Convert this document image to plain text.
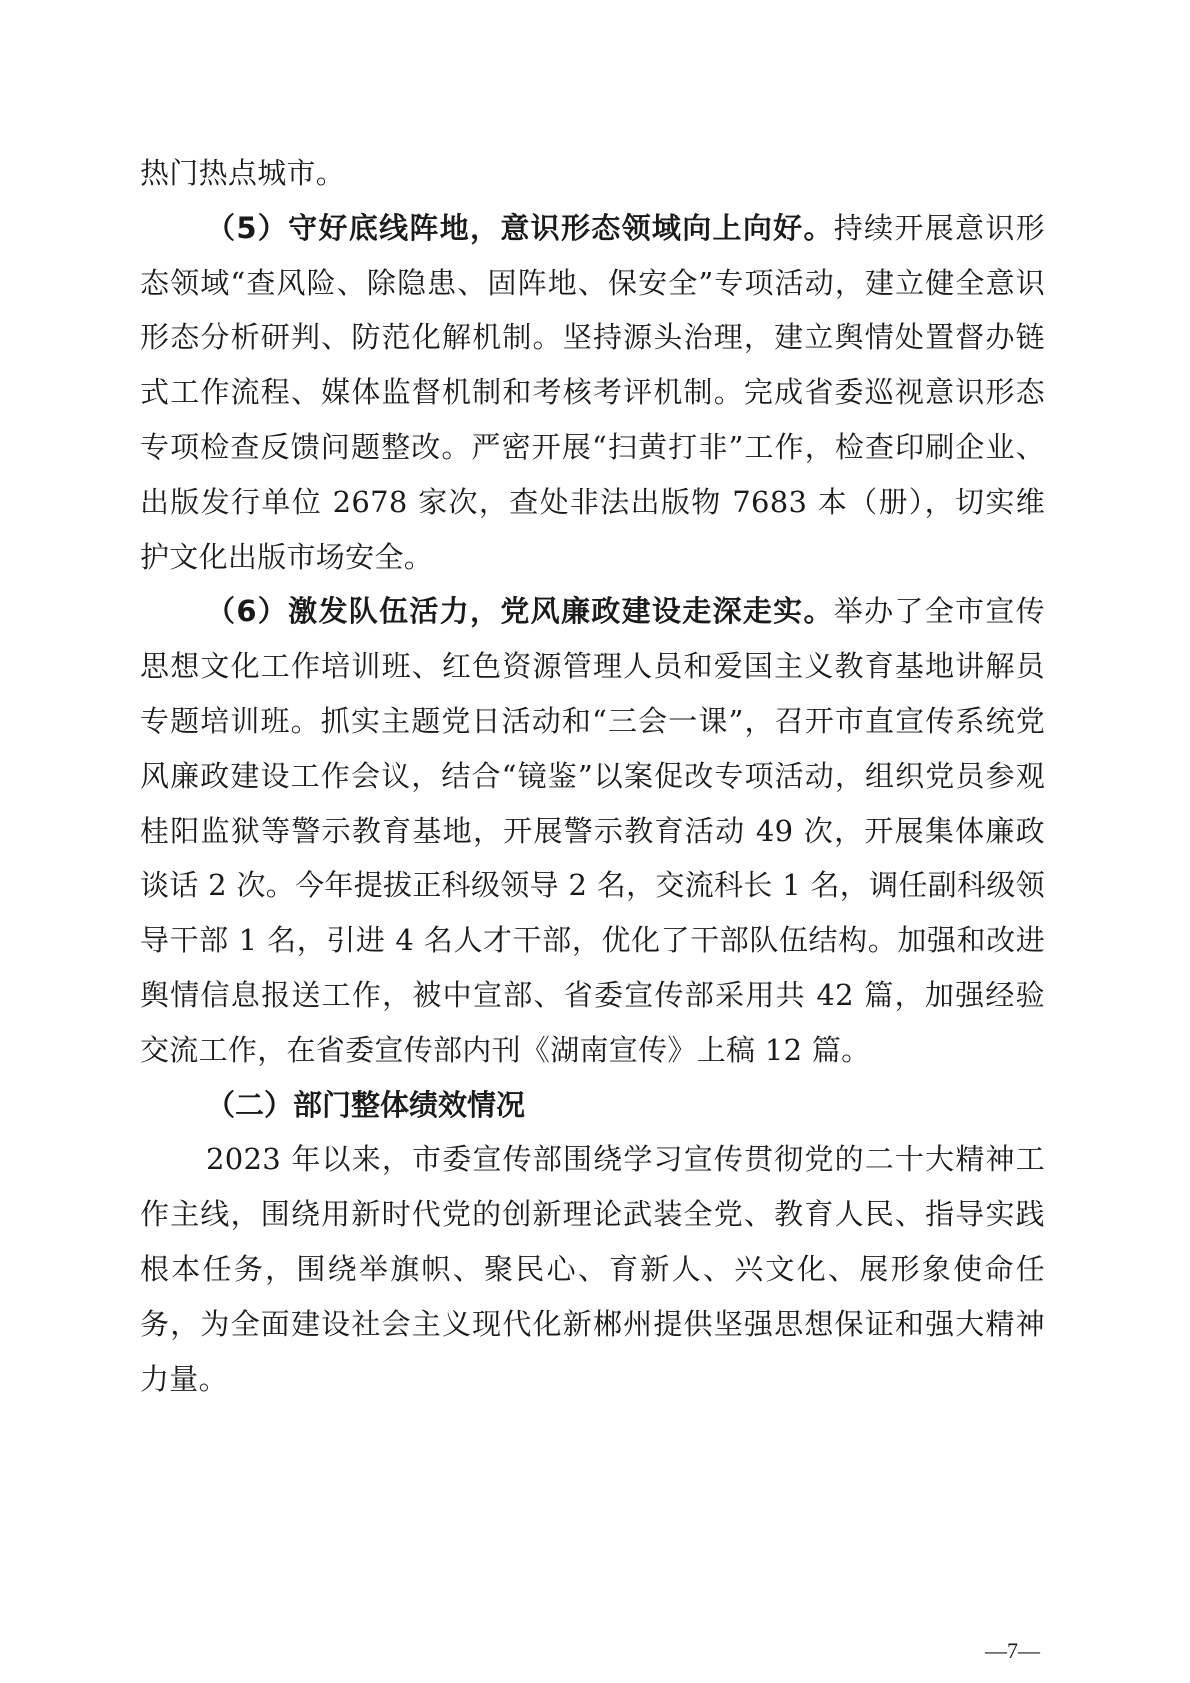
热门热点城市。

（5）守好底线阵地，意识形态领域向上向好。持续开展意识形态领域“查风险、除隐患、固阵地、保安全”专项活动，建立健全意识形态分析研判、防范化解机制。坚持源头治理，建立舆情处置督办链式工作流程、媒体监督机制和考核考评机制。完成省委巡视意识形态专项检查反馈问题整改。严密开展“扫黄打非”工作，检查印刷企业、出版发行单位 2678 家次，查处非法出版物 7683 本（册），切实维护文化出版市场安全。

（6）激发队伍活力，党风廉政建设走深走实。举办了全市宣传思想文化工作培训班、红色资源管理人员和爱国主义教育基地讲解员专题培训班。抓实主题党日活动和“三会一课”，召开市直宣传系统党风廉政建设工作会议，结合“镜鉴”以案促改专项活动，组织党员参观桂阳监狱等警示教育基地，开展警示教育活动 49 次，开展集体廉政谈话 2 次。今年提拔正科级领导 2 名，交流科长 1 名，调任副科级领导干部 1 名，引进 4 名人才干部，优化了干部队伍结构。加强和改进舆情信息报送工作，被中宣部、省委宣传部采用共 42 篇，加强经验交流工作，在省委宣传部内刊《湖南宣传》上稿 12 篇。

（二）部门整体绩效情况

2023 年以来，市委宣传部围绕学习宣传贯彻党的二十大精神工作主线，围绕用新时代党的创新理论武装全党、教育人民、指导实践根本任务，围绕举旗帜、聚民心、育新人、兴文化、展形象使命任务，为全面建设社会主义现代化新郴州提供坚强思想保证和强大精神力量。

—7—
